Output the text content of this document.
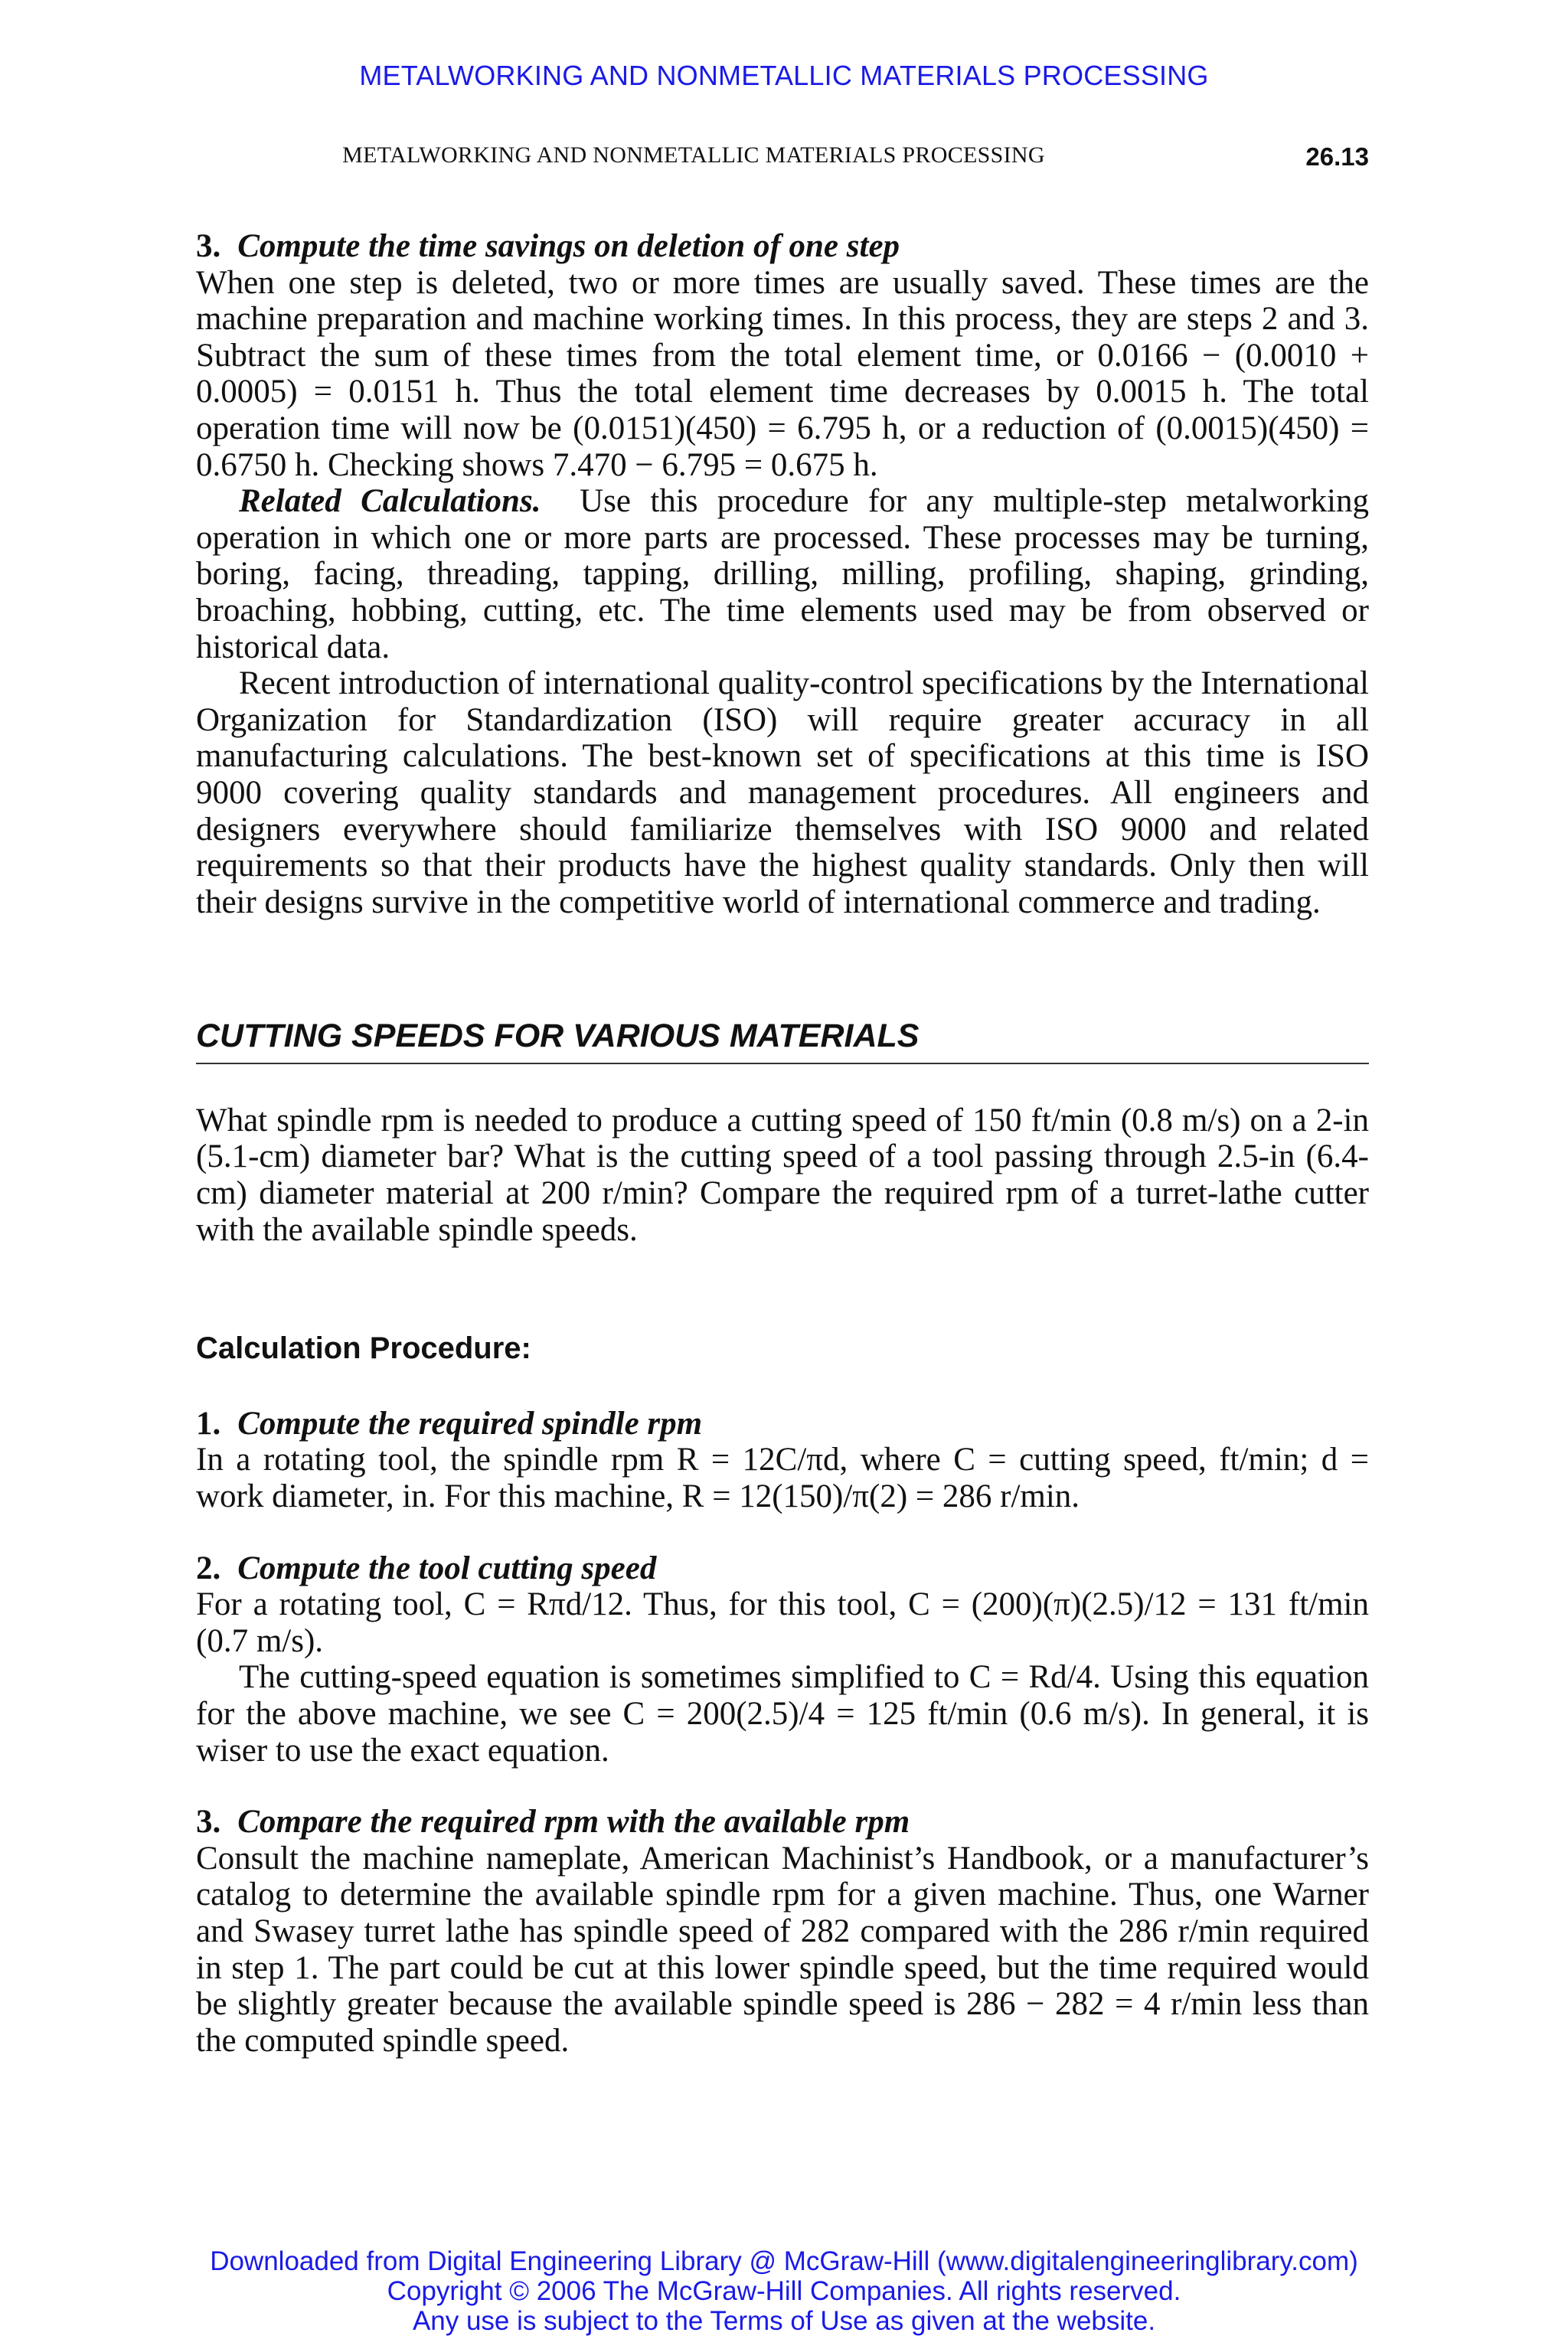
METALWORKING AND NONMETALLIC MATERIALS PROCESSING
METALWORKING AND NONMETALLIC MATERIALS PROCESSING	26.13

3. Compute the time savings on deletion of one step

When one step is deleted, two or more times are usually saved. These times are the machine preparation and machine working times. In this process, they are steps 2 and 3. Subtract the sum of these times from the total element time, or 0.0166 − (0.0010 + 0.0005) = 0.0151 h. Thus the total element time decreases by 0.0015 h. The total operation time will now be (0.0151)(450) = 6.795 h, or a reduction of (0.0015)(450) = 0.6750 h. Checking shows 7.470 − 6.795 = 0.675 h.

Related Calculations. Use this procedure for any multiple-step metalworking operation in which one or more parts are processed. These processes may be turning, boring, facing, threading, tapping, drilling, milling, profiling, shaping, grinding, broaching, hobbing, cutting, etc. The time elements used may be from observed or historical data.

Recent introduction of international quality-control specifications by the International Organization for Standardization (ISO) will require greater accuracy in all manufacturing calculations. The best-known set of specifications at this time is ISO 9000 covering quality standards and management procedures. All engineers and designers everywhere should familiarize themselves with ISO 9000 and related requirements so that their products have the highest quality standards. Only then will their designs survive in the competitive world of international commerce and trading.

CUTTING SPEEDS FOR VARIOUS MATERIALS

What spindle rpm is needed to produce a cutting speed of 150 ft/min (0.8 m/s) on a 2-in (5.1-cm) diameter bar? What is the cutting speed of a tool passing through 2.5-in (6.4-cm) diameter material at 200 r/min? Compare the required rpm of a turret-lathe cutter with the available spindle speeds.

Calculation Procedure:

1. Compute the required spindle rpm

In a rotating tool, the spindle rpm R = 12C/πd, where C = cutting speed, ft/min; d = work diameter, in. For this machine, R = 12(150)/π(2) = 286 r/min.

2. Compute the tool cutting speed

For a rotating tool, C = Rπd/12. Thus, for this tool, C = (200)(π)(2.5)/12 = 131 ft/min (0.7 m/s).

The cutting-speed equation is sometimes simplified to C = Rd/4. Using this equation for the above machine, we see C = 200(2.5)/4 = 125 ft/min (0.6 m/s). In general, it is wiser to use the exact equation.

3. Compare the required rpm with the available rpm

Consult the machine nameplate, American Machinist’s Handbook, or a manufacturer’s catalog to determine the available spindle rpm for a given machine. Thus, one Warner and Swasey turret lathe has spindle speed of 282 compared with the 286 r/min required in step 1. The part could be cut at this lower spindle speed, but the time required would be slightly greater because the available spindle speed is 286 − 282 = 4 r/min less than the computed spindle speed.

Downloaded from Digital Engineering Library @ McGraw-Hill (www.digitalengineeringlibrary.com)
Copyright © 2006 The McGraw-Hill Companies. All rights reserved.
Any use is subject to the Terms of Use as given at the website.
